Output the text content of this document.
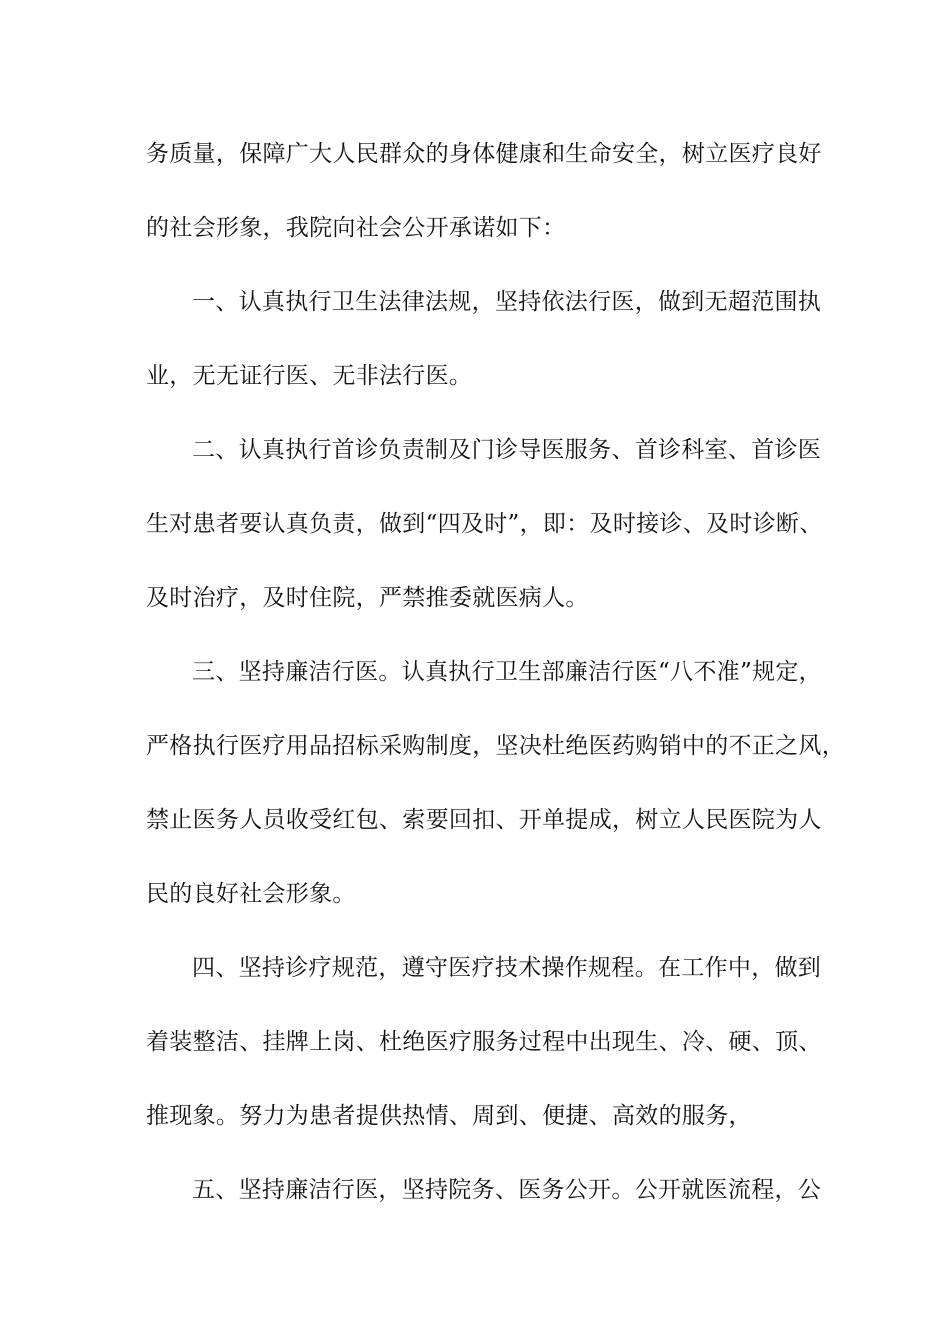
务质量，保障广大人民群众的身体健康和生命安全，树立医疗良好
的社会形象，我院向社会公开承诺如下：
一、认真执行卫生法律法规，坚持依法行医，做到无超范围执
业，无无证行医、无非法行医。
二、认真执行首诊负责制及门诊导医服务、首诊科室、首诊医
生对患者要认真负责，做到“四及时”，即：及时接诊、及时诊断、
及时治疗，及时住院，严禁推委就医病人。
三、坚持廉洁行医。认真执行卫生部廉洁行医“八不准”规定，
严格执行医疗用品招标采购制度，坚决杜绝医药购销中的不正之风，
禁止医务人员收受红包、索要回扣、开单提成，树立人民医院为人
民的良好社会形象。
四、坚持诊疗规范，遵守医疗技术操作规程。在工作中，做到
着装整洁、挂牌上岗、杜绝医疗服务过程中出现生、冷、硬、顶、
推现象。努力为患者提供热情、周到、便捷、高效的服务，
五、坚持廉洁行医，坚持院务、医务公开。公开就医流程，公
